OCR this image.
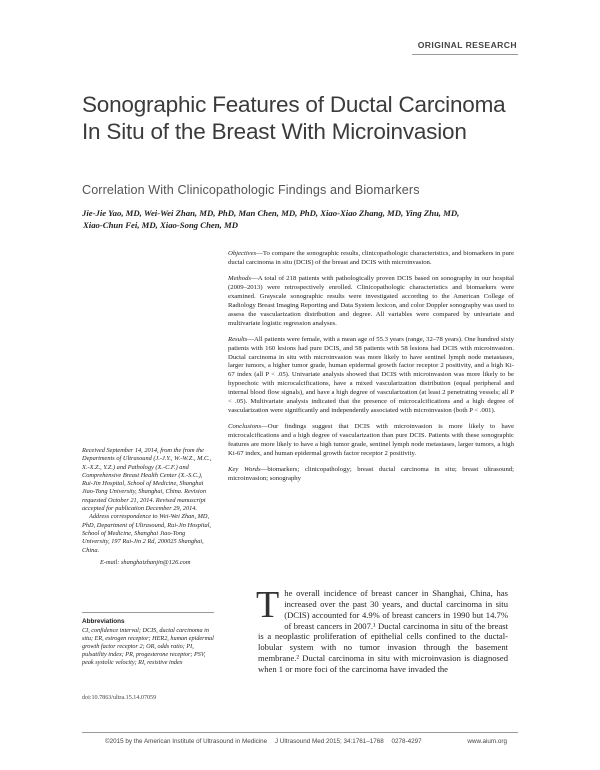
ORIGINAL RESEARCH
Sonographic Features of Ductal Carcinoma In Situ of the Breast With Microinvasion
Correlation With Clinicopathologic Findings and Biomarkers
Jie-Jie Yao, MD, Wei-Wei Zhan, MD, PhD, Man Chen, MD, PhD, Xiao-Xiao Zhang, MD, Ying Zhu, MD,
Xiao-Chun Fei, MD, Xiao-Song Chen, MD

Objectives—To compare the sonographic results, clinicopathologic characteristics, and biomarkers in pure ductal carcinoma in situ (DCIS) of the breast and DCIS with microinvasion.

Methods—A total of 218 patients with pathologically proven DCIS based on sonography in our hospital (2009–2013) were retrospectively enrolled. Clinicopathologic characteristics and biomarkers were examined. Grayscale sonographic results were investigated according to the American College of Radiology Breast Imaging Reporting and Data System lexicon, and color Doppler sonography was used to assess the vascularization distribution and degree. All variables were compared by univariate and multivariate logistic regression analyses.

Results—All patients were female, with a mean age of 55.3 years (range, 32–78 years). One hundred sixty patients with 160 lesions had pure DCIS, and 58 patients with 58 lesions had DCIS with microinvasion. Ductal carcinoma in situ with microinvasion was more likely to have sentinel lymph node metastases, larger tumors, a higher tumor grade, human epidermal growth factor receptor 2 positivity, and a high Ki-67 index (all P < .05). Univariate analysis showed that DCIS with microinvasion was more likely to be hypoechoic with microcalcifications, have a mixed vascularization distribution (equal peripheral and internal blood flow signals), and have a high degree of vascularization (at least 2 penetrating vessels; all P < .05). Multivariate analysis indicated that the presence of microcalcifications and a high degree of vascularization were significantly and independently associated with microinvasion (both P < .001).

Conclusions—Our findings suggest that DCIS with microinvasion is more likely to have microcalcifications and a high degree of vascularization than pure DCIS. Patients with these sonographic features are more likely to have a high tumor grade, sentinel lymph node metastases, larger tumors, a high Ki-67 index, and human epidermal growth factor receptor 2 positivity.

Key Words—biomarkers; clinicopathology; breast ductal carcinoma in situ; breast ultrasound; microinvasion; sonography

Received September 14, 2014, from the from the Departments of Ultrasound (J.-J.Y., W.-W.Z., M.C., X.-X.Z., Y.Z.) and Pathology (X.-C.F.) and Comprehensive Breast Health Center (X.-S.C.), Rui-Jin Hospital, School of Medicine, Shanghai Jiao-Tong University, Shanghai, China. Revision requested October 21, 2014. Revised manuscript accepted for publication December 29, 2014.

Address correspondence to Wei-Wei Zhan, MD, PhD, Department of Ultrasound, Rui-Jin Hospital, School of Medicine, Shanghai Jiao-Tong University, 197 Rui-Jin 2 Rd, 200025 Shanghai, China.

E-mail: shanghaizhanjin@126.com

Abbreviations
CI, confidence interval; DCIS, ductal carcinoma in situ; ER, estrogen receptor; HER2, human epidermal growth factor receptor 2; OR, odds ratio; PI, pulsatility index; PR, progesterone receptor; PSV, peak systolic velocity; RI, resistive index
doi:10.7863/ultra.15.14.07059
The overall incidence of breast cancer in Shanghai, China, has increased over the past 30 years, and ductal carcinoma in situ (DCIS) accounted for 4.9% of breast cancers in 1990 but 14.7% of breast cancers in 2007.¹ Ductal carcinoma in situ of the breast is a neoplastic proliferation of epithelial cells confined to the ductal-lobular system with no tumor invasion through the basement membrane.² Ductal carcinoma in situ with microinvasion is diagnosed when 1 or more foci of the carcinoma have invaded the
©2015 by the American Institute of Ultrasound in Medicine J Ultrasound Med 2015; 34:1761–1768 0278-4297	www.aium.org
